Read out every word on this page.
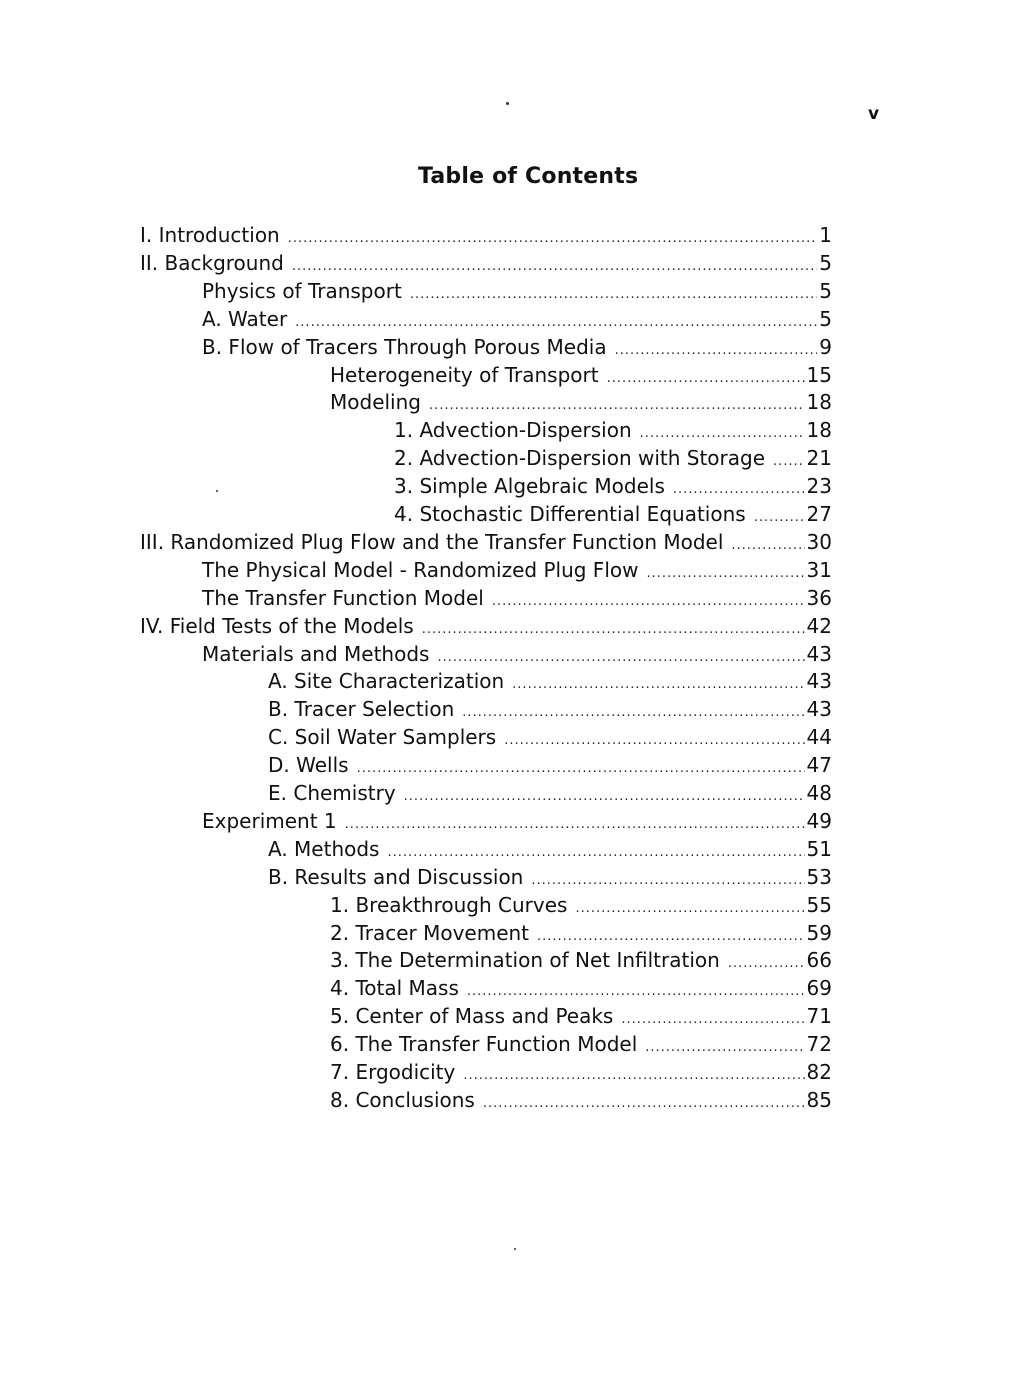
v
Table of Contents
I. Introduction .....	1
II. Background .....	5
Physics of Transport .....	5
A. Water .....	5
B. Flow of Tracers Through Porous Media .....	9
Heterogeneity of Transport .....	15
Modeling .....	18
1. Advection-Dispersion .....	18
2. Advection-Dispersion with Storage ..... 21
3. Simple Algebraic Models .....	23
4. Stochastic Differential Equations .....	27
III. Randomized Plug Flow and the Transfer Function Model .....	30
The Physical Model - Randomized Plug Flow .....	31
The Transfer Function Model .....	36
IV. Field Tests of the Models .....	42
Materials and Methods .....	43
A. Site Characterization .....	43
B. Tracer Selection .....	43
C. Soil Water Samplers .....	44
D. Wells .....	47
E. Chemistry .....	48
Experiment 1 .....	49
A. Methods .....	51
B. Results and Discussion .....	53
1. Breakthrough Curves .....	55
2. Tracer Movement .....	59
3. The Determination of Net Infiltration .....	66
4. Total Mass .....	69
5. Center of Mass and Peaks .....	71
6. The Transfer Function Model .....	72
7. Ergodicity .....	82
8. Conclusions .....	85
